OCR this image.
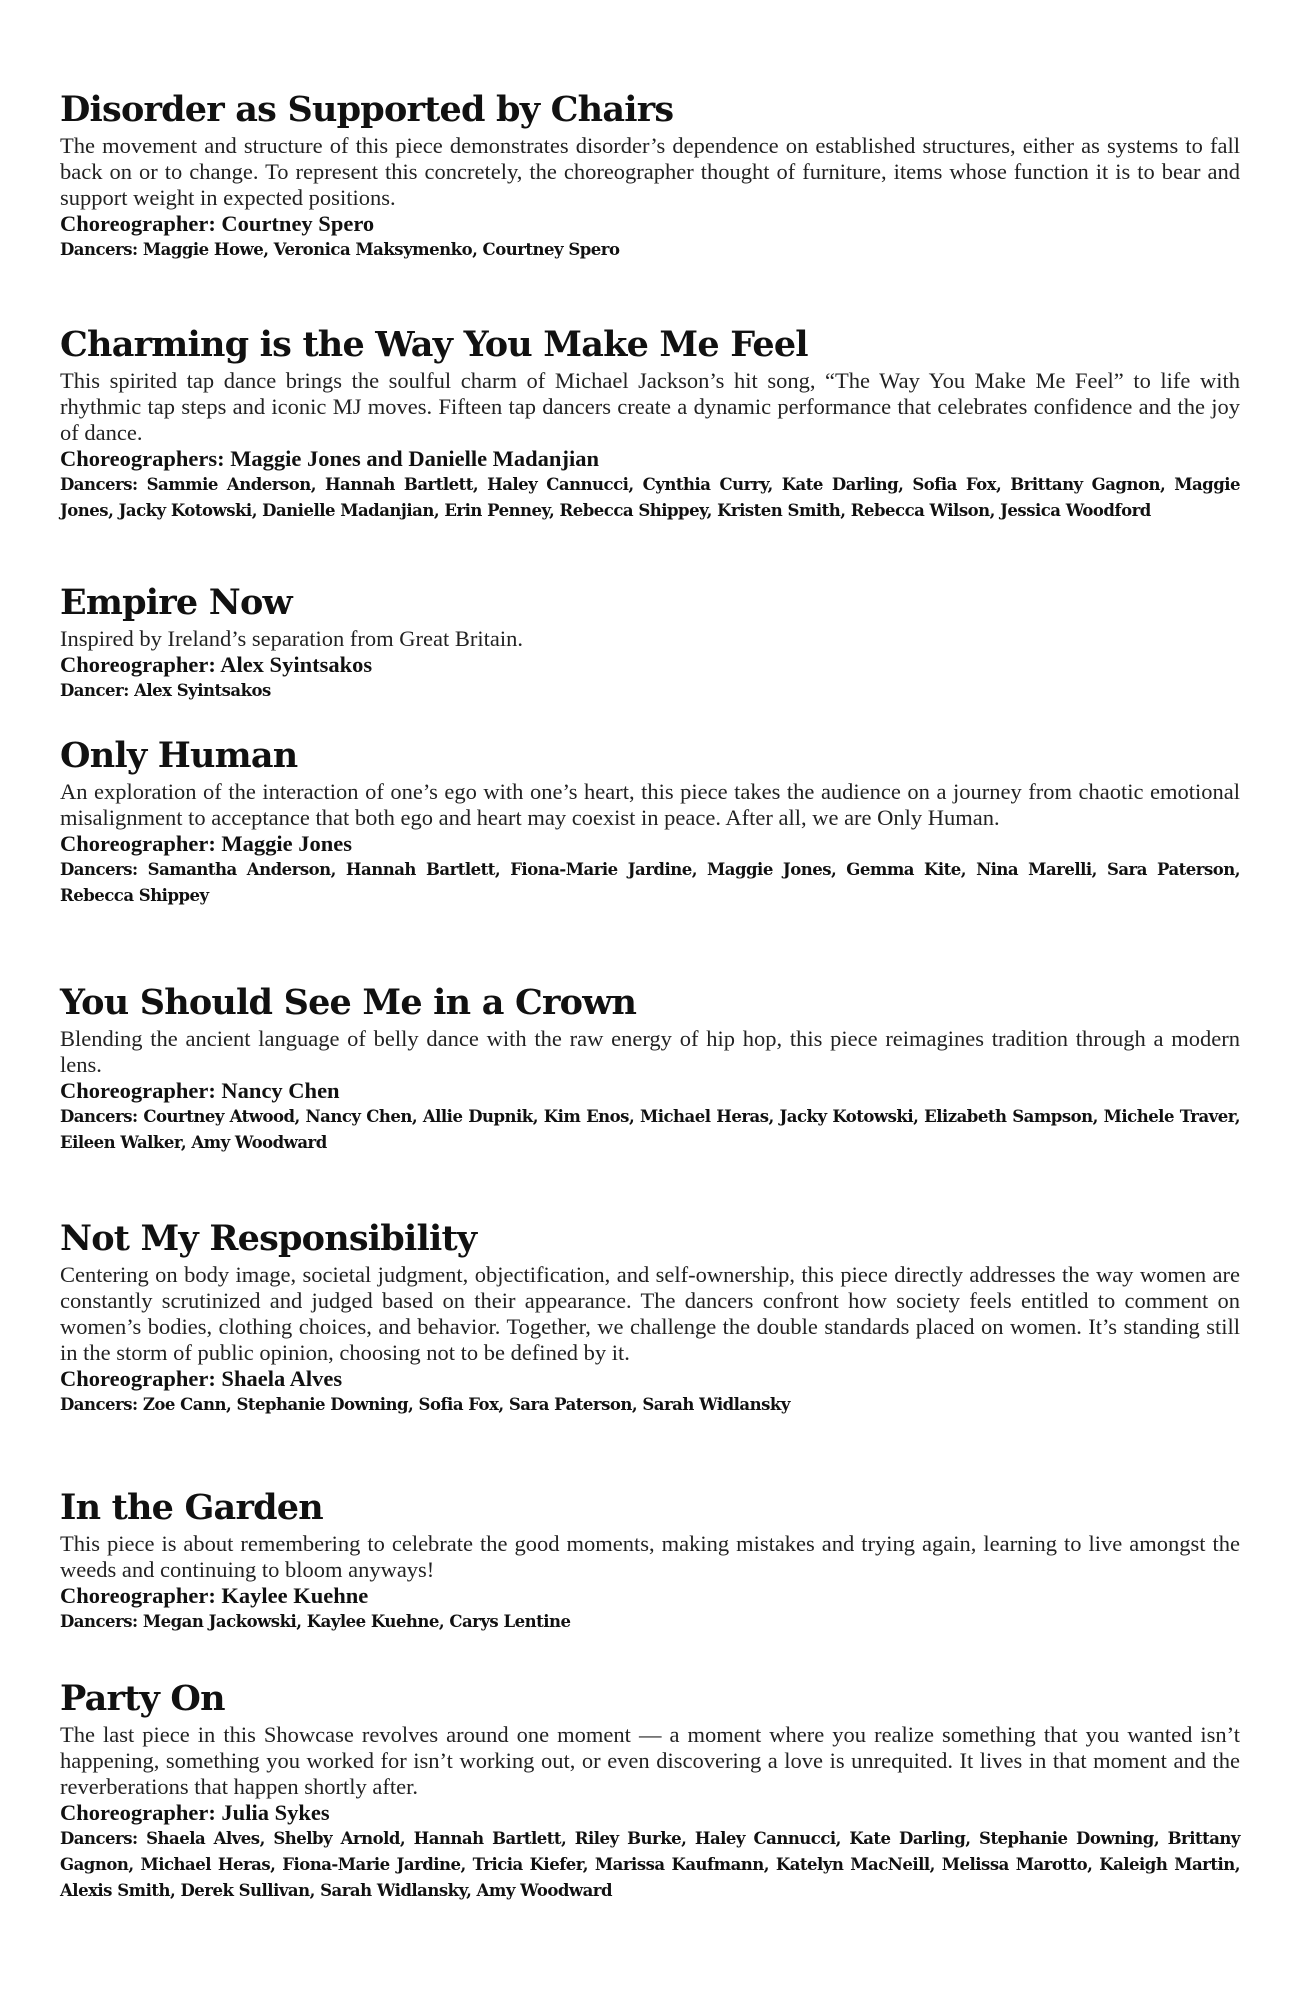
Disorder as Supported by Chairs

The movement and structure of this piece demonstrates disorder’s dependence on established structures, either as systems to fall back on or to change. To represent this concretely, the choreographer thought of furniture, items whose function it is to bear and support weight in expected positions.

Choreographer: Courtney Spero

Dancers: Maggie Howe, Veronica Maksymenko, Courtney Spero

Charming is the Way You Make Me Feel

This spirited tap dance brings the soulful charm of Michael Jackson’s hit song, “The Way You Make Me Feel” to life with rhythmic tap steps and iconic MJ moves. Fifteen tap dancers create a dynamic performance that celebrates confidence and the joy of dance.

Choreographers: Maggie Jones and Danielle Madanjian

Dancers: Sammie Anderson, Hannah Bartlett, Haley Cannucci, Cynthia Curry, Kate Darling, Sofia Fox, Brittany Gagnon, Maggie Jones, Jacky Kotowski, Danielle Madanjian, Erin Penney, Rebecca Shippey, Kristen Smith, Rebecca Wilson, Jessica Woodford

Empire Now

Inspired by Ireland’s separation from Great Britain.

Choreographer: Alex Syintsakos

Dancer: Alex Syintsakos

Only Human

An exploration of the interaction of one’s ego with one’s heart, this piece takes the audience on a journey from chaotic emotional misalignment to acceptance that both ego and heart may coexist in peace. After all, we are Only Human.

Choreographer: Maggie Jones

Dancers: Samantha Anderson, Hannah Bartlett, Fiona-Marie Jardine, Maggie Jones, Gemma Kite, Nina Marelli, Sara Paterson, Rebecca Shippey

You Should See Me in a Crown

Blending the ancient language of belly dance with the raw energy of hip hop, this piece reimagines tradition through a modern lens.

Choreographer: Nancy Chen

Dancers: Courtney Atwood, Nancy Chen, Allie Dupnik, Kim Enos, Michael Heras, Jacky Kotowski, Elizabeth Sampson, Michele Traver, Eileen Walker, Amy Woodward

Not My Responsibility

Centering on body image, societal judgment, objectification, and self-ownership, this piece directly addresses the way women are constantly scrutinized and judged based on their appearance. The dancers confront how society feels entitled to comment on women’s bodies, clothing choices, and behavior. Together, we challenge the double standards placed on women. It’s standing still in the storm of public opinion, choosing not to be defined by it.

Choreographer: Shaela Alves

Dancers: Zoe Cann, Stephanie Downing, Sofia Fox, Sara Paterson, Sarah Widlansky

In the Garden

This piece is about remembering to celebrate the good moments, making mistakes and trying again, learning to live amongst the weeds and continuing to bloom anyways!

Choreographer: Kaylee Kuehne

Dancers: Megan Jackowski, Kaylee Kuehne, Carys Lentine

Party On

The last piece in this Showcase revolves around one moment — a moment where you realize something that you wanted isn’t happening, something you worked for isn’t working out, or even discovering a love is unrequited. It lives in that moment and the reverberations that happen shortly after.

Choreographer: Julia Sykes

Dancers: Shaela Alves, Shelby Arnold, Hannah Bartlett, Riley Burke, Haley Cannucci, Kate Darling, Stephanie Downing, Brittany Gagnon, Michael Heras, Fiona-Marie Jardine, Tricia Kiefer, Marissa Kaufmann, Katelyn MacNeill, Melissa Marotto, Kaleigh Martin, Alexis Smith, Derek Sullivan, Sarah Widlansky, Amy Woodward
